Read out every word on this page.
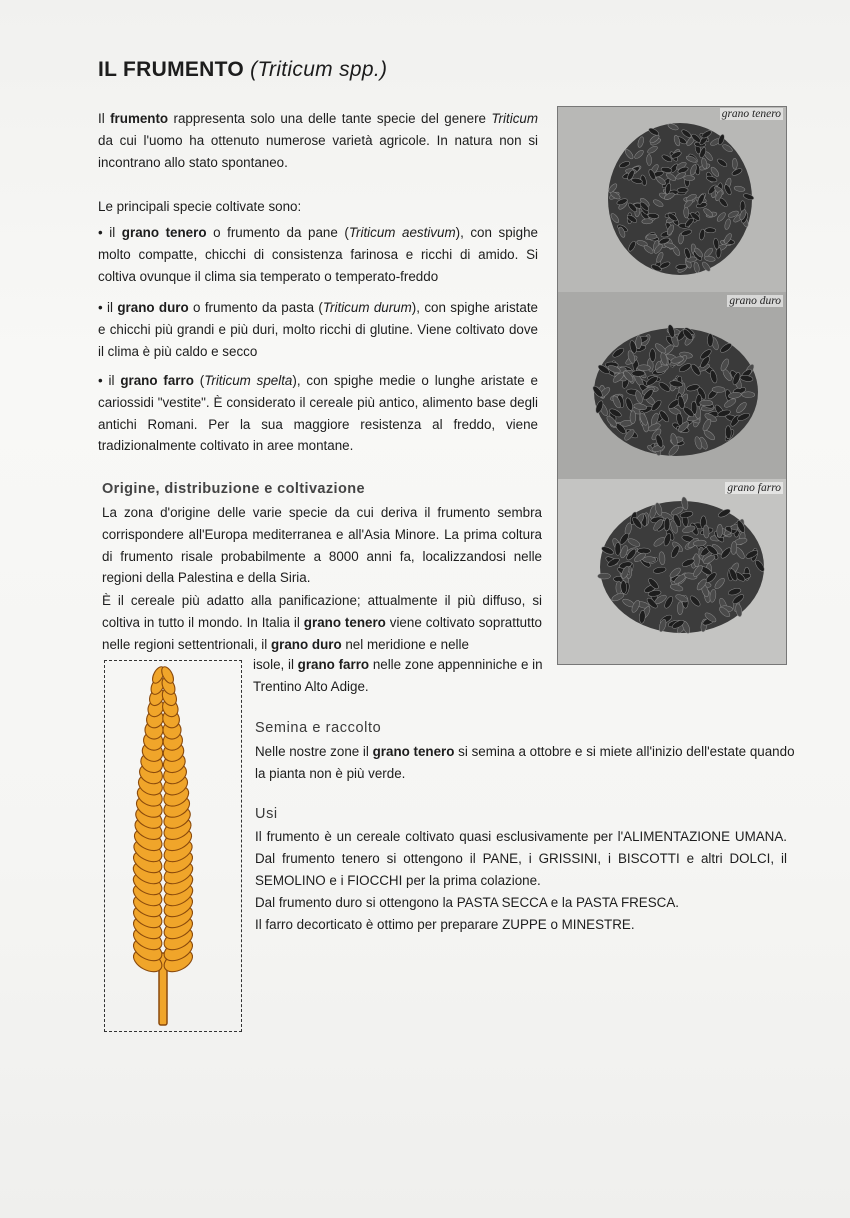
IL FRUMENTO (Triticum spp.)
Il frumento rappresenta solo una delle tante specie del genere Triticum da cui l'uomo ha ottenuto numerose varietà agricole. In natura non si incontrano allo stato spontaneo.
Le principali specie coltivate sono:
• il grano tenero o frumento da pane (Triticum aestivum), con spighe molto compatte, chicchi di consistenza farinosa e ricchi di amido. Si coltiva ovunque il clima sia temperato o temperato-freddo
• il grano duro o frumento da pasta (Triticum durum), con spighe aristate e chicchi più grandi e più duri, molto ricchi di glutine. Viene coltivato dove il clima è più caldo e secco
• il grano farro (Triticum spelta), con spighe medie o lunghe aristate e cariossidi "vestite". È considerato il cereale più antico, alimento base degli antichi Romani. Per la sua maggiore resistenza al freddo, viene tradizionalmente coltivato in aree montane.
Origine, distribuzione e coltivazione
La zona d'origine delle varie specie da cui deriva il frumento sembra corrispondere all'Europa mediterranea e all'Asia Minore. La prima coltura di frumento risale probabilmente a 8000 anni fa, localizzandosi nelle regioni della Palestina e della Siria.
È il cereale più adatto alla panificazione; attualmente il più diffuso, si coltiva in tutto il mondo. In Italia il grano tenero viene coltivato soprattutto nelle regioni settentrionali, il grano duro nel meridione e nelle
isole, il grano farro nelle zone appenniniche e in Trentino Alto Adige.
Semina e raccolto
Nelle nostre zone il grano tenero si semina a ottobre e si miete all'inizio dell'estate quando la pianta non è più verde.
Usi
Il frumento è un cereale coltivato quasi esclusivamente per l'ALIMENTAZIONE UMANA. Dal frumento tenero si ottengono il PANE, i GRISSINI, i BISCOTTI e altri DOLCI, il SEMOLINO e i FIOCCHI per la prima colazione.
Dal frumento duro si ottengono la PASTA SECCA e la PASTA FRESCA.
Il farro decorticato è ottimo per preparare ZUPPE o MINESTRE.
grano tenero
grano duro
grano farro
